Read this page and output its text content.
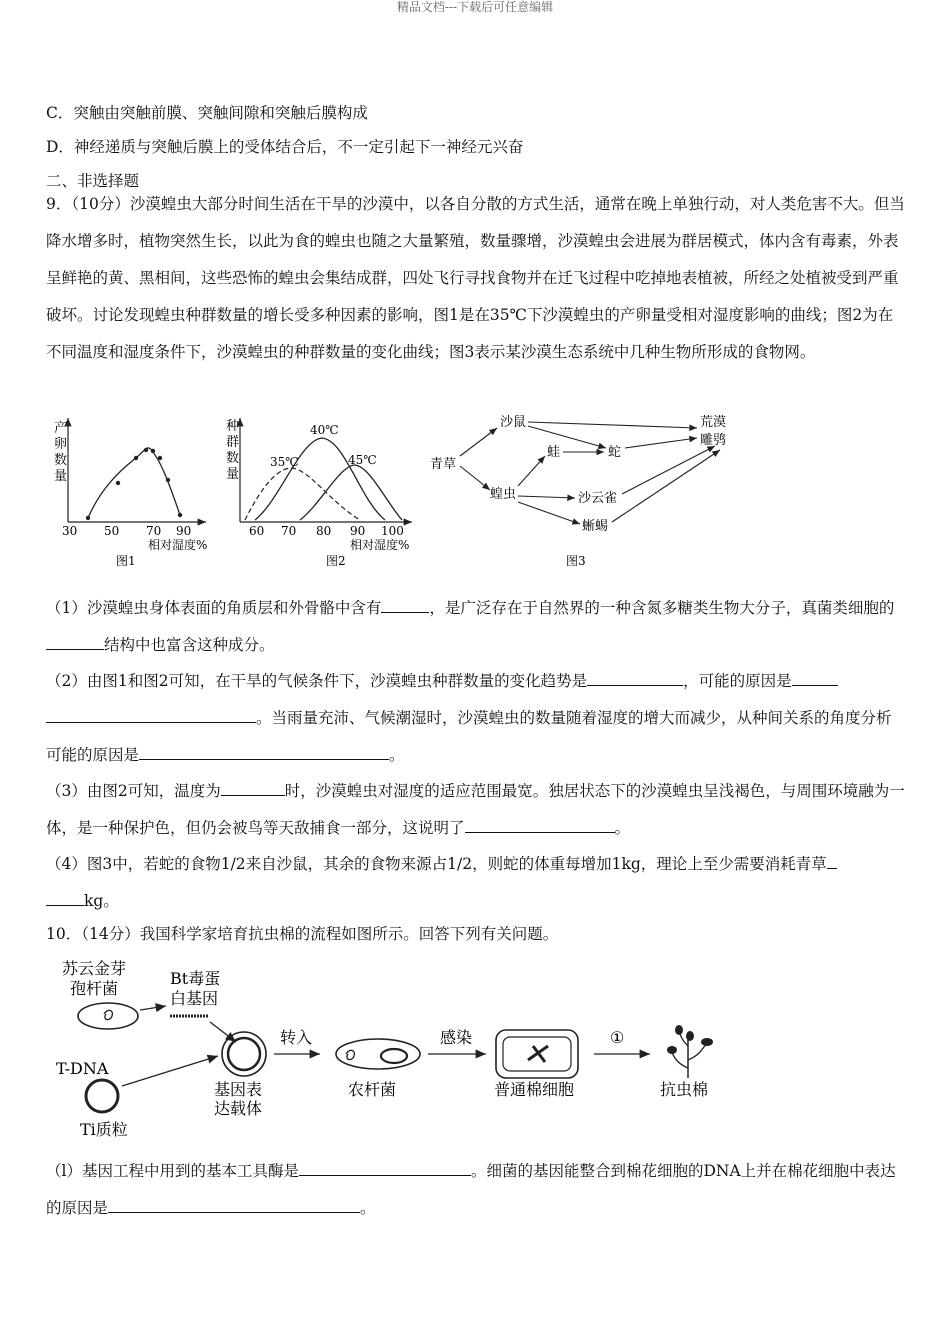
精品文档---下载后可任意编辑
C．突触由突触前膜、突触间隙和突触后膜构成
D．神经递质与突触后膜上的受体结合后，不一定引起下一神经元兴奋
二、非选择题
9．（10分）沙漠蝗虫大部分时间生活在干旱的沙漠中，以各自分散的方式生活，通常在晚上单独行动，对人类危害不大。但当降水增多时，植物突然生长，以此为食的蝗虫也随之大量繁殖，数量骤增，沙漠蝗虫会进展为群居模式，体内含有毒素，外表呈鲜艳的黄、黑相间，这些恐怖的蝗虫会集结成群，四处飞行寻找食物并在迁飞过程中吃掉地表植被，所经之处植被受到严重破坏。讨论发现蝗虫种群数量的增长受多种因素的影响，图1是在35℃下沙漠蝗虫的产卵量受相对湿度影响的曲线；图2为在不同温度和湿度条件下，沙漠蝗虫的种群数量的变化曲线；图3表示某沙漠生态系统中几种生物所形成的食物网。
产
卵
数
量
30 50 70 90
相对湿度%
图1
种
群
数
量
35℃
40℃
45℃
60 70 80 90 100
相对湿度%
图2
青草
沙鼠
蝗虫
蛙	蛇
沙云雀
蜥蜴
荒漠
雕鸮
图3
（1）沙漠蝗虫身体表面的角质层和外骨骼中含有	，是广泛存在于自然界的一种含氮多糖类生物大分子，真菌类细胞的结构中也富含这种成分。
（2）由图1和图2可知，在干旱的气候条件下，沙漠蝗虫种群数量的变化趋势是	，可能的原因是
。当雨量充沛、气候潮湿时，沙漠蝗虫的数量随着湿度的增大而减少，从种间关系的角度分析可能的原因是	。
（3）由图2可知，温度为	时，沙漠蝗虫对湿度的适应范围最宽。独居状态下的沙漠蝗虫呈浅褐色，与周围环境融为一体，是一种保护色，但仍会被鸟等天敌捕食一部分，这说明了	。
（4）图3中，若蛇的食物1/2来自沙鼠，其余的食物来源占1/2，则蛇的体重每增加1kg，理论上至少需要消耗青草
kg。
10．（14分）我国科学家培育抗虫棉的流程如图所示。回答下列有关问题。
苏云金芽
孢杆菌
Bt毒蛋
白基因
T-DNA
Ti质粒
基因表
达载体
转入
农杆菌
感染
普通棉细胞
①
抗虫棉
（l）基因工程中用到的基本工具酶是	。细菌的基因能整合到棉花细胞的DNA上并在棉花细胞中表达的原因是	。
